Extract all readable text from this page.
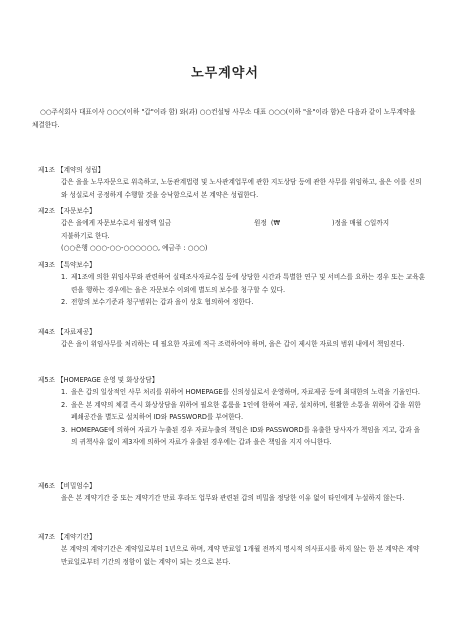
노무계약서
○○주식회사 대표이사 ○○○(이하 "갑"이라 함) 와(과) ○○컨설팅 사무소 대표 ○○○(이하 "을"이라 함)은 다음과 같이 노무계약을 체결한다.
제1조 【계약의 성립】
갑은 을을 노무자문으로 위촉하고, 노동관계법령 및 노사관계업무에 관한 지도상담 등에 관한 사무를 위임하고, 을은 이를 신의와 성실로서 공정하게 수행할 것을 승낙함으로서 본 계약은 성립한다.
제2조 【자문보수】
갑은 을에게 자문보수로서 월정액 일금	원정  (₩	)정을 매월 ○일까지
지불하기로 한다.
(○○은행 ○○○-○○-○○○○○○, 예금주 : ○○○)
제3조 【특약보수】
1. 제1조에 의한 위임사무와 관련하여 실태조사자료수집 등에 상당한 시간과 특별한 연구 및 서비스를 요하는 경우 또는 교육훈련을 행하는 경우에는 을은 자문보수 이외에 별도의 보수를 청구할 수 있다.
2. 전항의 보수기준과 청구범위는 갑과 을이 상호 협의하여 정한다.
제4조 【자료제공】
갑은 을이 위임사무를 처리하는 데 필요한 자료에 적극 조력하여야 하며, 을은 갑이 제시한 자료의 범위 내에서 책임진다.
제5조 【HOMEPAGE 운영 및 화상상담】
1. 을은 갑의 일상적인 사무 처리를 위하여 HOMEPAGE를 신의성실로서 운영하며, 자료제공 등에 최대한의 노력을 기울인다.
2. 을은 본 계약의 체결 즉시 화상상담을 위하여 필요한 홈룸을 1인에 한하여 제공, 설치하며, 원활한 소통을 위하여 갑을 위한 폐쇄공간을 별도로 설치하여 ID와 PASSWORD를 부여한다.
3. HOMEPAGE에 의하여 자료가 누출된 경우 자료누출의 책임은 ID와 PASSWORD를 유출한 당사자가 책임을 지고, 갑과 을의 귀책사유 없이 제3자에 의하여 자료가 유출된 경우에는 갑과 을은 책임을 지지 아니한다.
제6조 【비밀엄수】
을은 본 계약기간 중 또는 계약기간 만료 후라도 업무와 관련된 갑의 비밀을 정당한 이유 없이 타인에게 누설하지 않는다.
제7조 【계약기간】
본 계약의 계약기간은 계약일로부터 1년으로 하며, 계약 만료일 1개월 전까지 명시적 의사표시를 하지 않는 한 본 계약은 계약 만료일로부터 기간의 정함이 없는 계약이 되는 것으로 본다.
